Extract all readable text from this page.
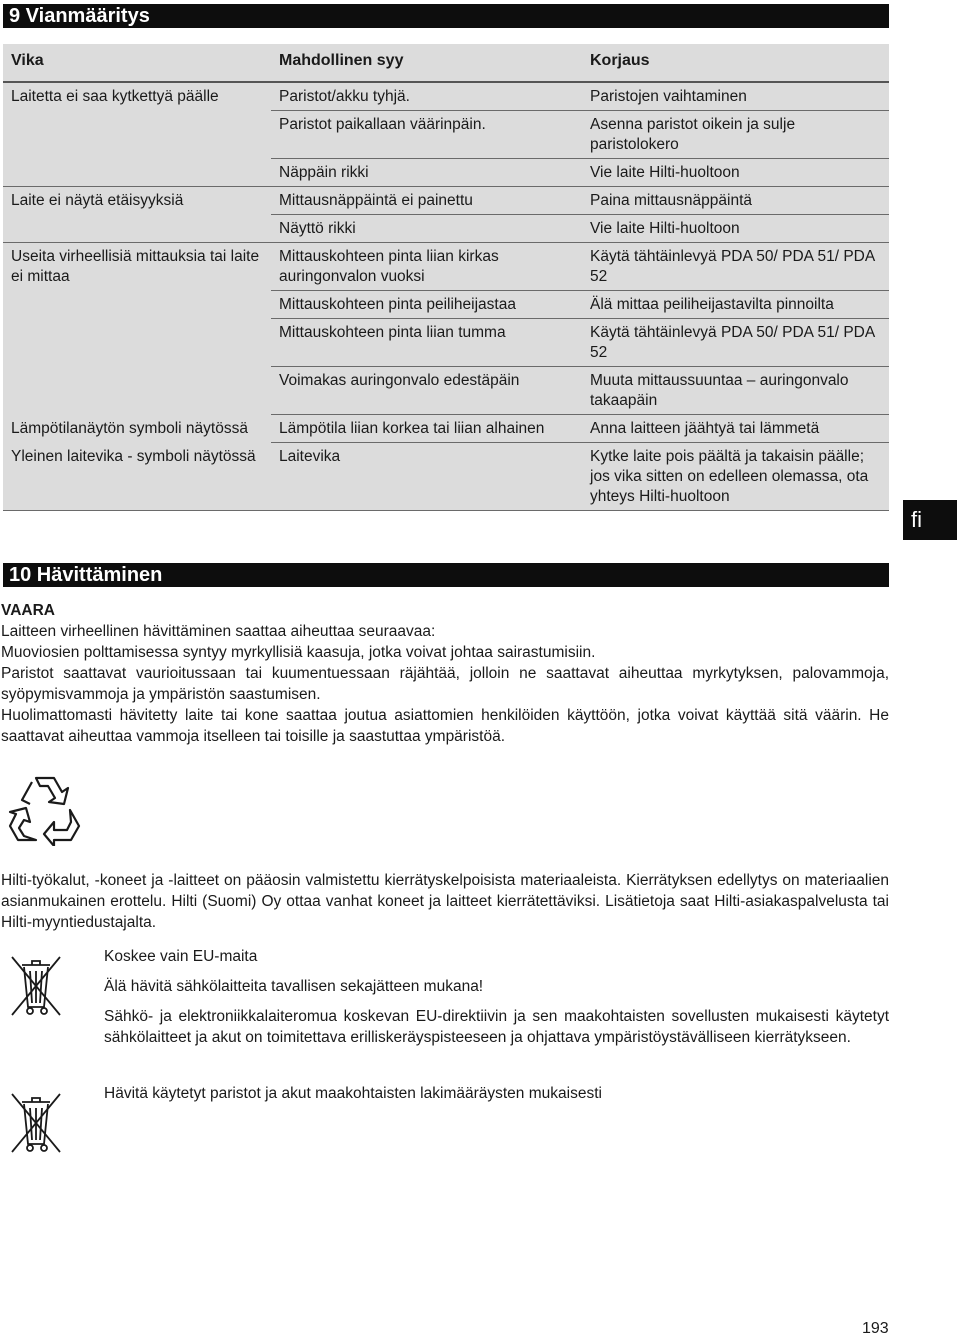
9 Vianmääritys
Vika	Mahdollinen syy	Korjaus
Laitetta ei saa kytkettyä päälle	Paristot/akku tyhjä.	Paristojen vaihtaminen
	Paristot paikallaan väärinpäin.	Asenna paristot oikein ja sulje paristolokero
	Näppäin rikki	Vie laite Hilti-huoltoon
Laite ei näytä etäisyyksiä	Mittausnäppäintä ei painettu	Paina mittausnäppäintä
	Näyttö rikki	Vie laite Hilti-huoltoon
Useita virheellisiä mittauksia tai laite ei mittaa	Mittauskohteen pinta liian kirkas auringonvalon vuoksi	Käytä tähtäinlevyä PDA 50/ PDA 51/ PDA 52
	Mittauskohteen pinta peiliheijastaa	Älä mittaa peiliheijastavilta pinnoilta
	Mittauskohteen pinta liian tumma	Käytä tähtäinlevyä PDA 50/ PDA 51/ PDA 52
	Voimakas auringonvalo edestäpäin	Muuta mittaussuuntaa – auringonvalo takaapäin
Lämpötilanäytön symboli näytössä	Lämpötila liian korkea tai liian alhainen	Anna laitteen jäähtyä tai lämmetä
Yleinen laitevika - symboli näytössä	Laitevika	Kytke laite pois päältä ja takaisin päälle; jos vika sitten on edelleen olemassa, ota yhteys Hilti-huoltoon
fi
10 Hävittäminen

VAARA

Laitteen virheellinen hävittäminen saattaa aiheuttaa seuraavaa:

Muoviosien polttamisessa syntyy myrkyllisiä kaasuja, jotka voivat johtaa sairastumisiin.

Paristot saattavat vaurioitussaan tai kuumentuessaan räjähtää, jolloin ne saattavat aiheuttaa myrkytyksen, palovammoja, syöpymisvammoja ja ympäristön saastumisen.

Huolimattomasti hävitetty laite tai kone saattaa joutua asiattomien henkilöiden käyttöön, jotka voivat käyttää sitä väärin. He saattavat aiheuttaa vammoja itselleen tai toisille ja saastuttaa ympäristöä.

Hilti-työkalut, -koneet ja -laitteet on pääosin valmistettu kierrätyskelpoisista materiaaleista. Kierrätyksen edellytys on materiaalien asianmukainen erottelu. Hilti (Suomi) Oy ottaa vanhat koneet ja laitteet kierrätettäviksi. Lisätietoja saat Hilti-asiakaspalvelusta tai Hilti-myyntiedustajalta.

Koskee vain EU-maita

Älä hävitä sähkölaitteita tavallisen sekajätteen mukana!

Sähkö- ja elektroniikkalaiteromua koskevan EU-direktiivin ja sen maakohtaisten sovellusten mukaisesti käytetyt sähkölaitteet ja akut on toimitettava erilliskeräyspisteeseen ja ohjattava ympäristöystävälliseen kierrätykseen.

Hävitä käytetyt paristot ja akut maakohtaisten lakimääräysten mukaisesti

193
